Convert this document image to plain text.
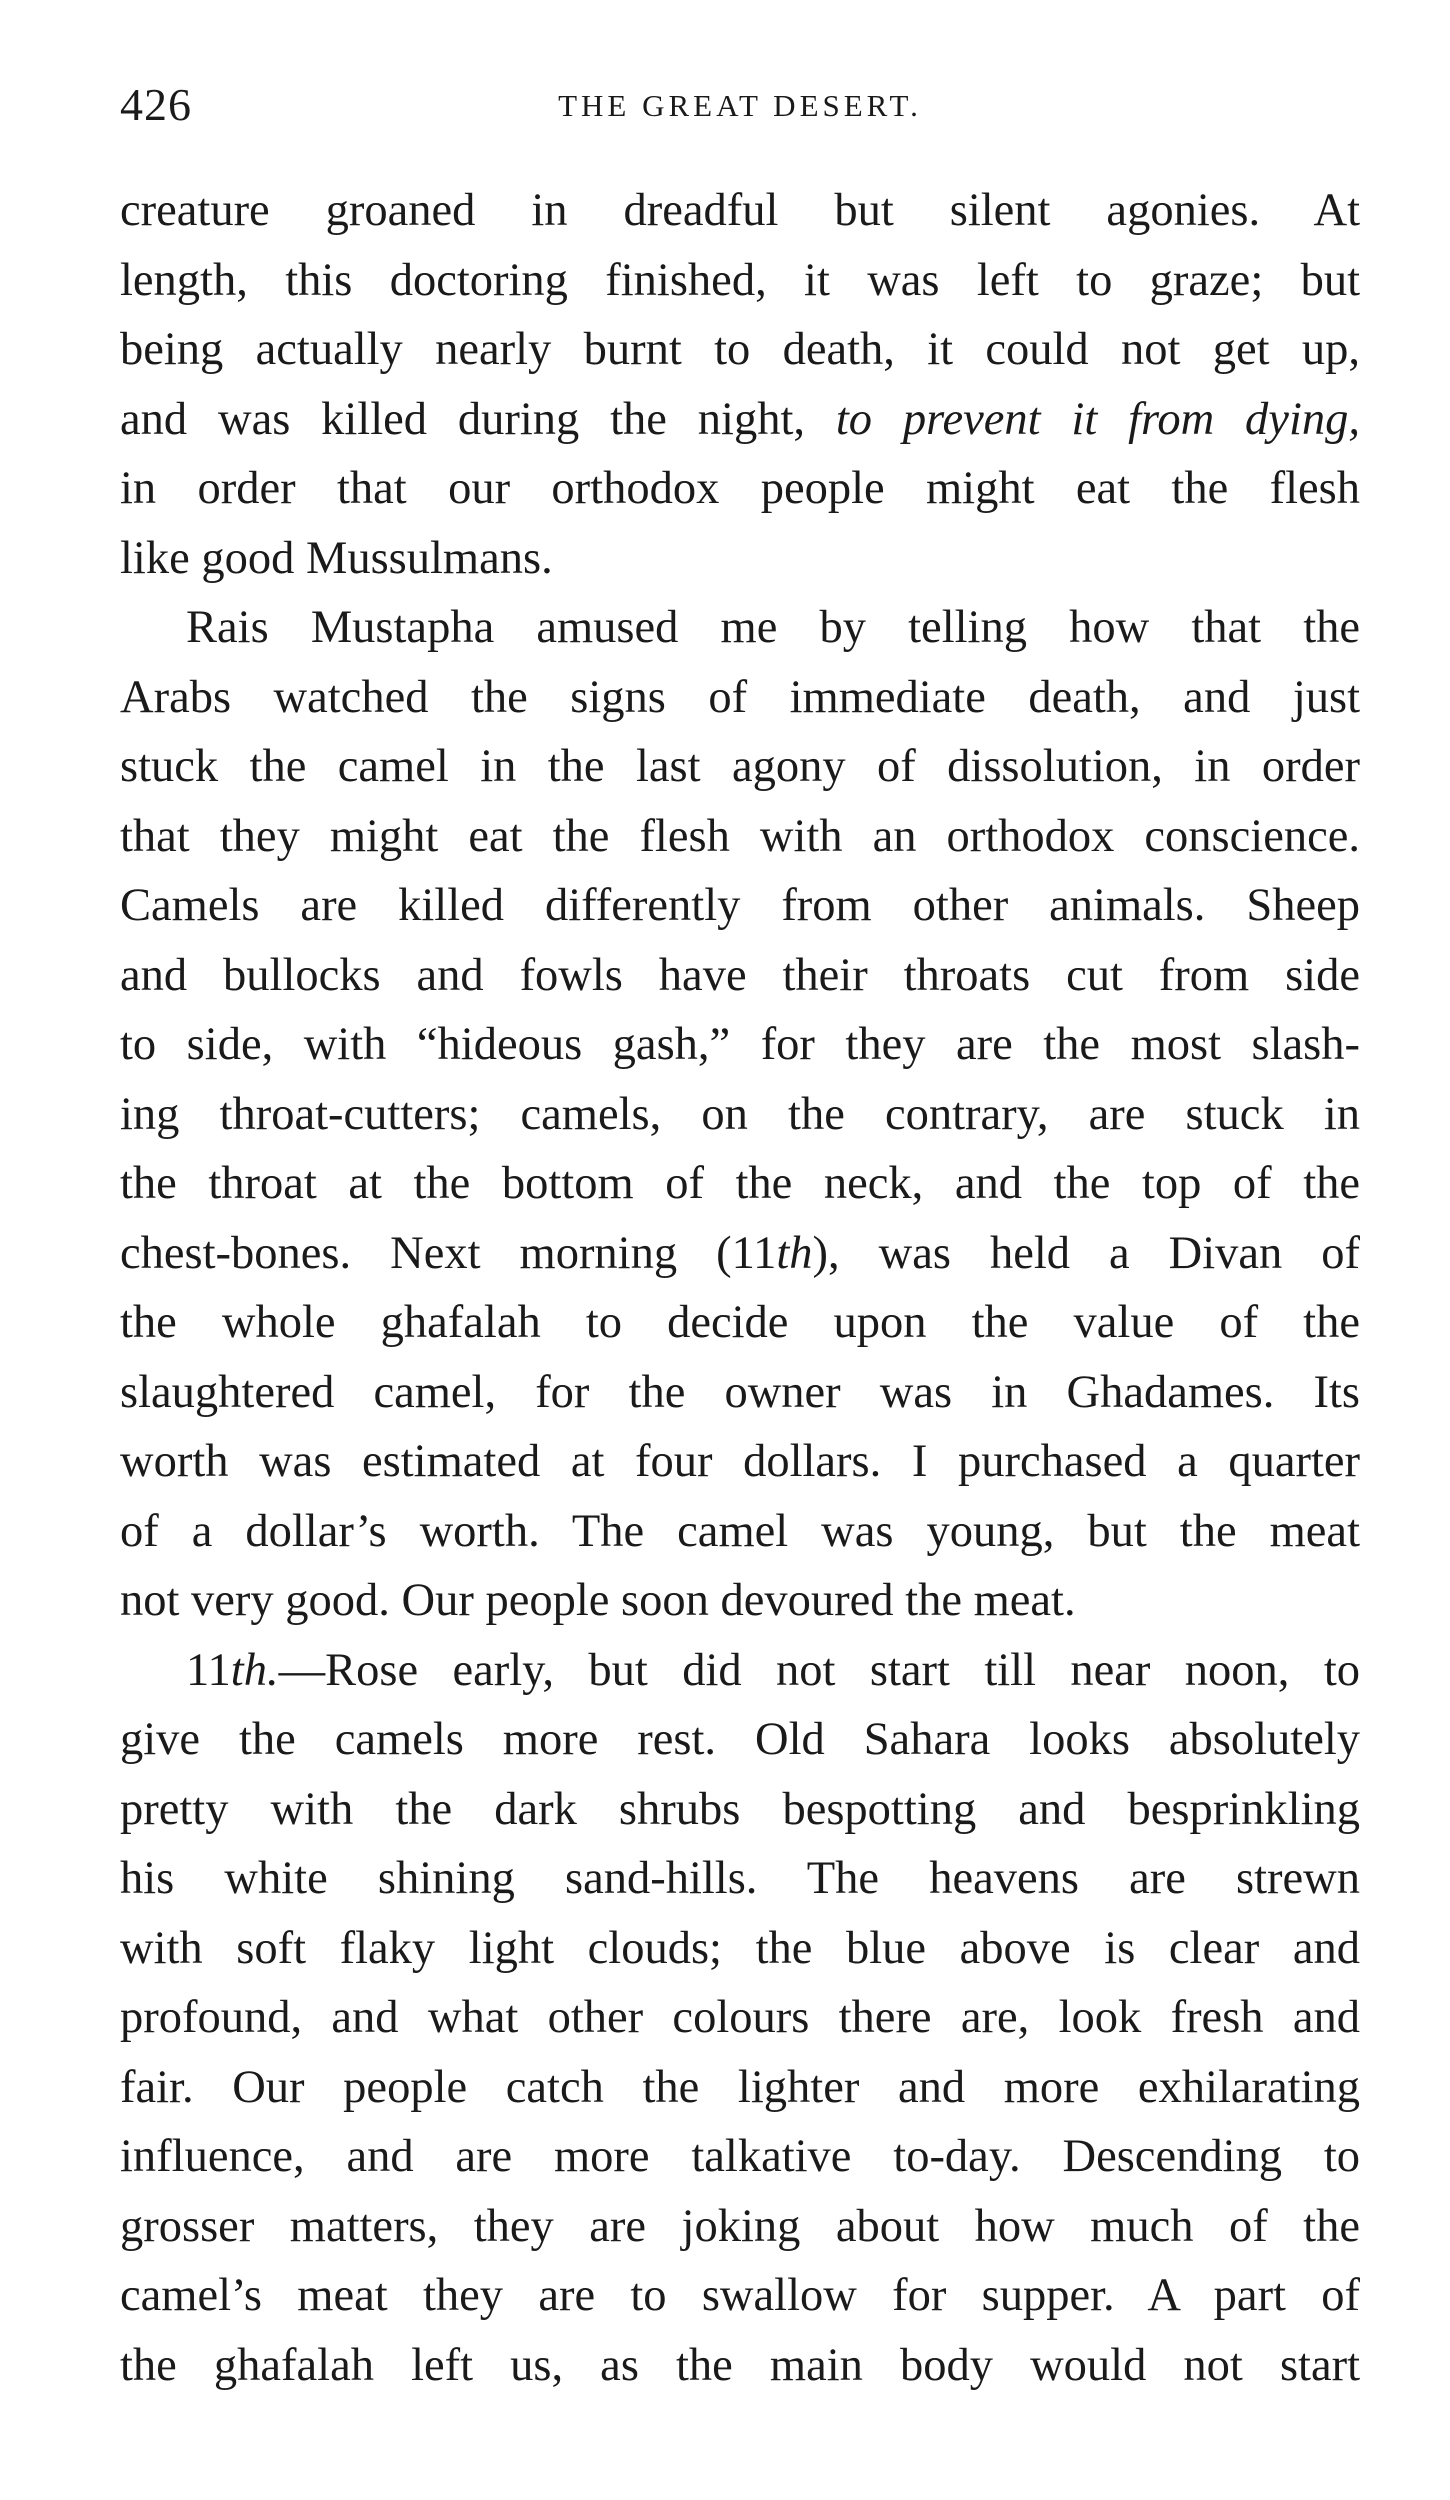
426	THE GREAT DESERT.
creature groaned in dreadful but silent agonies. At
length, this doctoring finished, it was left to graze; but
being actually nearly burnt to death, it could not get up,
and was killed during the night, to prevent it from dying,
in order that our orthodox people might eat the flesh
like good Mussulmans.
Rais Mustapha amused me by telling how that the
Arabs watched the signs of immediate death, and just
stuck the camel in the last agony of dissolution, in order
that they might eat the flesh with an orthodox conscience.
Camels are killed differently from other animals. Sheep
and bullocks and fowls have their throats cut from side
to side, with “hideous gash,” for they are the most slash-
ing throat-cutters; camels, on the contrary, are stuck in
the throat at the bottom of the neck, and the top of the
chest-bones. Next morning (11th), was held a Divan of
the whole ghafalah to decide upon the value of the
slaughtered camel, for the owner was in Ghadames. Its
worth was estimated at four dollars. I purchased a quarter
of a dollar’s worth. The camel was young, but the meat
not very good. Our people soon devoured the meat.
11th.—Rose early, but did not start till near noon, to
give the camels more rest. Old Sahara looks absolutely
pretty with the dark shrubs bespotting and besprinkling
his white shining sand-hills. The heavens are strewn
with soft flaky light clouds; the blue above is clear and
profound, and what other colours there are, look fresh and
fair. Our people catch the lighter and more exhilarating
influence, and are more talkative to-day. Descending to
grosser matters, they are joking about how much of the
camel’s meat they are to swallow for supper. A part of
the ghafalah left us, as the main body would not start
